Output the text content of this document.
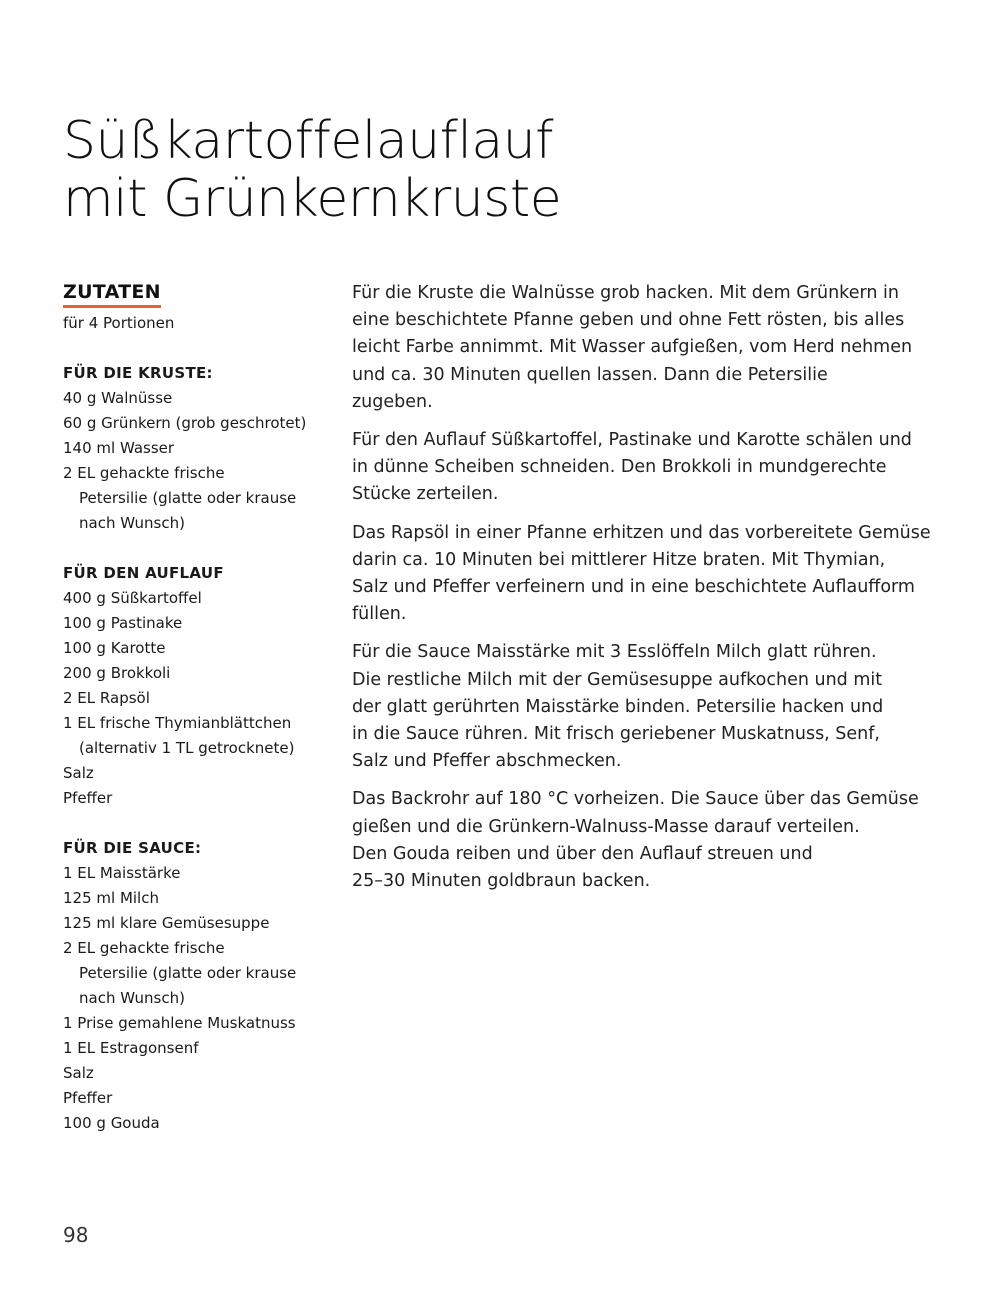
Süßkartoffelauflauf
mit Grünkernkruste
ZUTATEN
für 4 Portionen
FÜR DIE KRUSTE:
40 g Walnüsse
60 g Grünkern (grob geschrotet)
140 ml Wasser
2 EL gehackte frische
Petersilie (glatte oder krause
nach Wunsch)
FÜR DEN AUFLAUF
400 g Süßkartoffel
100 g Pastinake
100 g Karotte
200 g Brokkoli
2 EL Rapsöl
1 EL frische Thymianblättchen
(alternativ 1 TL getrocknete)
Salz
Pfeffer
FÜR DIE SAUCE:
1 EL Maisstärke
125 ml Milch
125 ml klare Gemüsesuppe
2 EL gehackte frische
Petersilie (glatte oder krause
nach Wunsch)
1 Prise gemahlene Muskatnuss
1 EL Estragonsenf
Salz
Pfeffer
100 g Gouda

Für die Kruste die Walnüsse grob hacken. Mit dem Grünkern in
eine beschichtete Pfanne geben und ohne Fett rösten, bis alles
leicht Farbe annimmt. Mit Wasser aufgießen, vom Herd nehmen
und ca. 30 Minuten quellen lassen. Dann die Petersilie
zugeben.

Für den Auflauf Süßkartoffel, Pastinake und Karotte schälen und
in dünne Scheiben schneiden. Den Brokkoli in mundgerechte
Stücke zerteilen.

Das Rapsöl in einer Pfanne erhitzen und das vorbereitete Gemüse
darin ca. 10 Minuten bei mittlerer Hitze braten. Mit Thymian,
Salz und Pfeffer verfeinern und in eine beschichtete Auflaufform
füllen.

Für die Sauce Maisstärke mit 3 Esslöffeln Milch glatt rühren.
Die restliche Milch mit der Gemüsesuppe aufkochen und mit
der glatt gerührten Maisstärke binden. Petersilie hacken und
in die Sauce rühren. Mit frisch geriebener Muskatnuss, Senf,
Salz und Pfeffer abschmecken.

Das Backrohr auf 180 °C vorheizen. Die Sauce über das Gemüse
gießen und die Grünkern-Walnuss-Masse darauf verteilen.
Den Gouda reiben und über den Auflauf streuen und
25–30 Minuten goldbraun backen.

98
